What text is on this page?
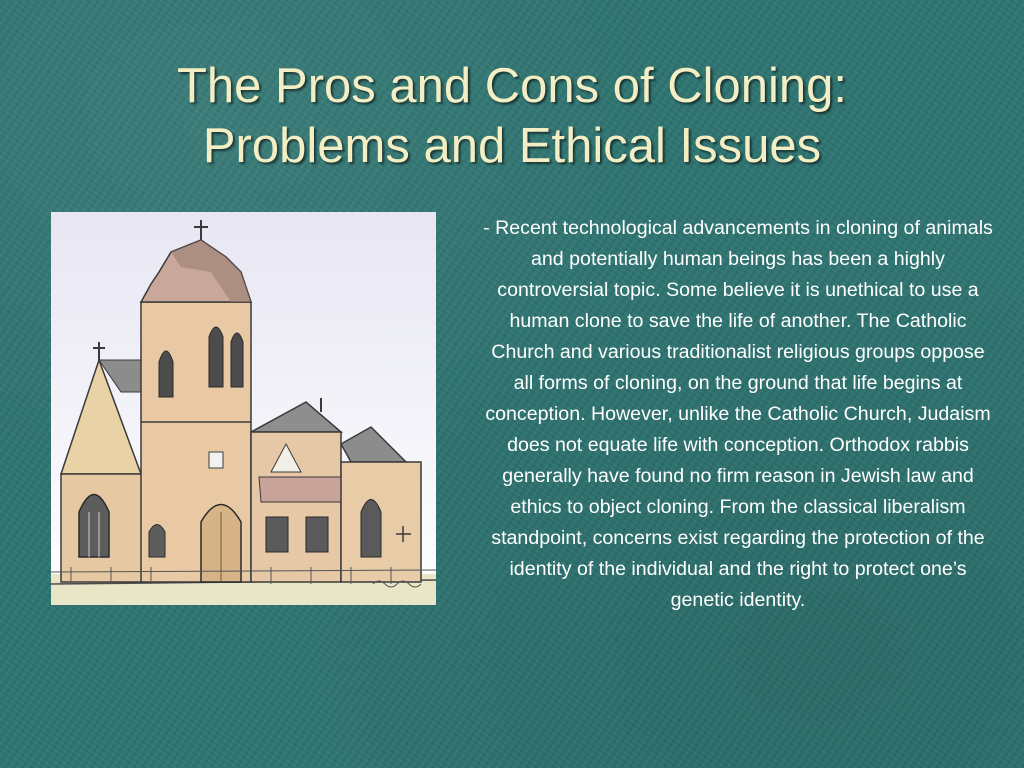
The Pros and Cons of Cloning:
Problems and Ethical Issues

- Recent technological advancements in cloning of animals and potentially human beings has been a highly controversial topic. Some believe it is unethical to use a human clone to save the life of another. The Catholic Church and various traditionalist religious groups oppose all forms of cloning, on the ground that life begins at conception. However, unlike the Catholic Church, Judaism does not equate life with conception. Orthodox rabbis generally have found no firm reason in Jewish law and ethics to object cloning. From the classical liberalism standpoint, concerns exist regarding the protection of the identity of the individual and the right to protect one’s genetic identity.
